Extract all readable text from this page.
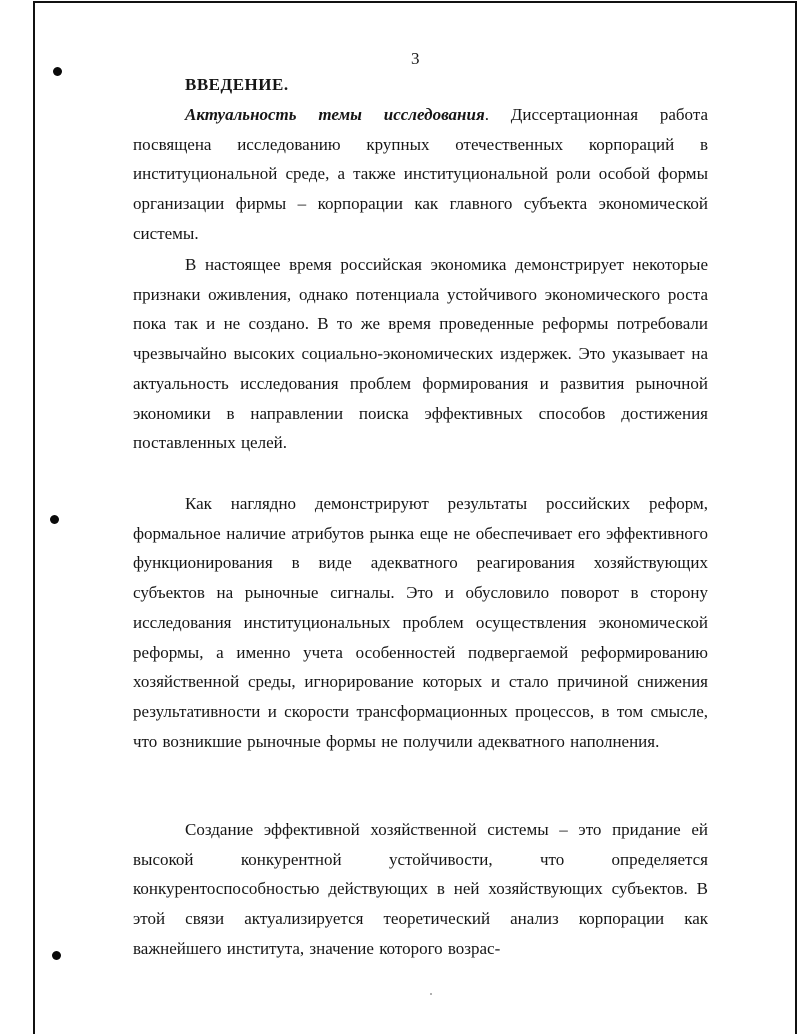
3
ВВЕДЕНИЕ.

Актуальность темы исследования. Диссертационная работа посвящена исследованию крупных отечественных корпораций в институциональной среде, а также институциональной роли особой формы организации фирмы – корпорации как главного субъекта экономической системы.

В настоящее время российская экономика демонстрирует некоторые признаки оживления, однако потенциала устойчивого экономического роста пока так и не создано. В то же время проведенные реформы потребовали чрезвычайно высоких социально-экономических издержек. Это указывает на актуальность исследования проблем формирования и развития рыночной экономики в направлении поиска эффективных способов достижения поставленных целей.

Как наглядно демонстрируют результаты российских реформ, формальное наличие атрибутов рынка еще не обеспечивает его эффективного функционирования в виде адекватного реагирования хозяйствующих субъектов на рыночные сигналы. Это и обусловило поворот в сторону исследования институциональных проблем осуществления экономической реформы, а именно учета особенностей подвергаемой реформированию хозяйственной среды, игнорирование которых и стало причиной снижения результативности и скорости трансформационных процессов, в том смысле, что возникшие рыночные формы не получили адекватного наполнения.

Создание эффективной хозяйственной системы – это придание ей высокой конкурентной устойчивости, что определяется конкурентоспособностью действующих в ней хозяйствующих субъектов. В этой связи актуализируется теоретический анализ корпорации как важнейшего института, значение которого возрас-
